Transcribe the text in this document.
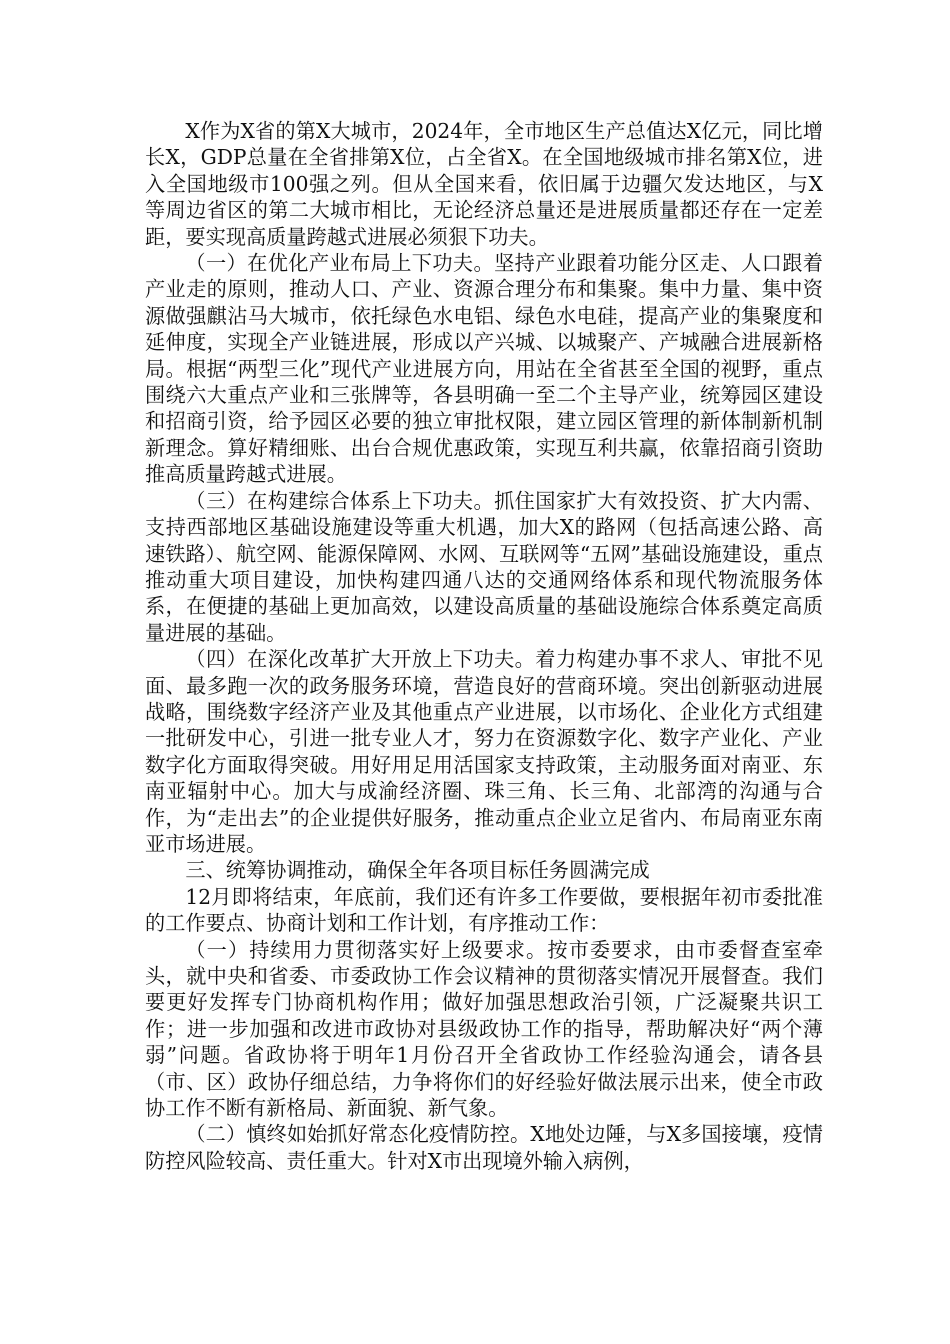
X作为X省的第X大城市，2024年，全市地区生产总值达X亿元，同比增长X，GDP总量在全省排第X位，占全省X。在全国地级城市排名第X位，进入全国地级市100强之列。但从全国来看，依旧属于边疆欠发达地区，与X等周边省区的第二大城市相比，无论经济总量还是进展质量都还存在一定差距，要实现高质量跨越式进展必须狠下功夫。

（一）在优化产业布局上下功夫。坚持产业跟着功能分区走、人口跟着产业走的原则，推动人口、产业、资源合理分布和集聚。集中力量、集中资源做强麒沾马大城市，依托绿色水电铝、绿色水电硅，提高产业的集聚度和延伸度，实现全产业链进展，形成以产兴城、以城聚产、产城融合进展新格局。根据“两型三化”现代产业进展方向，用站在全省甚至全国的视野，重点围绕六大重点产业和三张牌等，各县明确一至二个主导产业，统筹园区建设和招商引资，给予园区必要的独立审批权限，建立园区管理的新体制新机制新理念。算好精细账、出台合规优惠政策，实现互利共赢，依靠招商引资助推高质量跨越式进展。

（三）在构建综合体系上下功夫。抓住国家扩大有效投资、扩大内需、支持西部地区基础设施建设等重大机遇，加大X的路网（包括高速公路、高速铁路）、航空网、能源保障网、水网、互联网等“五网”基础设施建设，重点推动重大项目建设，加快构建四通八达的交通网络体系和现代物流服务体系，在便捷的基础上更加高效，以建设高质量的基础设施综合体系奠定高质量进展的基础。

（四）在深化改革扩大开放上下功夫。着力构建办事不求人、审批不见面、最多跑一次的政务服务环境，营造良好的营商环境。突出创新驱动进展战略，围绕数字经济产业及其他重点产业进展，以市场化、企业化方式组建一批研发中心，引进一批专业人才，努力在资源数字化、数字产业化、产业数字化方面取得突破。用好用足用活国家支持政策，主动服务面对南亚、东南亚辐射中心。加大与成渝经济圈、珠三角、长三角、北部湾的沟通与合作，为“走出去”的企业提供好服务，推动重点企业立足省内、布局南亚东南亚市场进展。

三、统筹协调推动，确保全年各项目标任务圆满完成

12月即将结束，年底前，我们还有许多工作要做，要根据年初市委批准的工作要点、协商计划和工作计划，有序推动工作：

（一）持续用力贯彻落实好上级要求。按市委要求，由市委督查室牵头，就中央和省委、市委政协工作会议精神的贯彻落实情况开展督查。我们要更好发挥专门协商机构作用；做好加强思想政治引领，广泛凝聚共识工作；进一步加强和改进市政协对县级政协工作的指导，帮助解决好“两个薄弱”问题。省政协将于明年1月份召开全省政协工作经验沟通会，请各县（市、区）政协仔细总结，力争将你们的好经验好做法展示出来，使全市政协工作不断有新格局、新面貌、新气象。

（二）慎终如始抓好常态化疫情防控。X地处边陲，与X多国接壤，疫情防控风险较高、责任重大。针对X市出现境外输入病例，
